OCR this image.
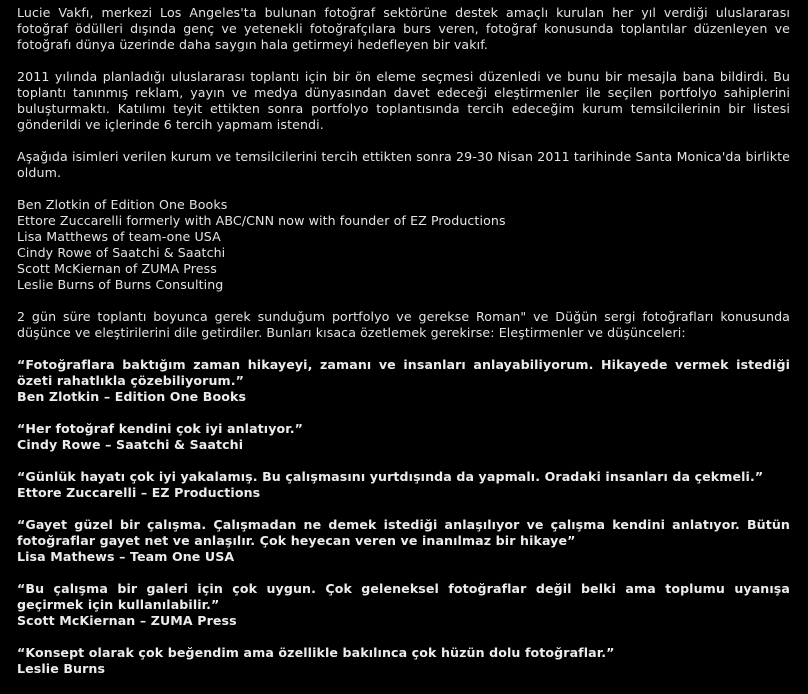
Lucie Vakfı, merkezi Los Angeles'ta bulunan fotoğraf sektörüne destek amaçlı kurulan her yıl verdiği uluslararası fotoğraf ödülleri dışında genç ve yetenekli fotoğrafçılara burs veren, fotoğraf konusunda toplantılar düzenleyen ve fotoğrafı dünya üzerinde daha saygın hala getirmeyi hedefleyen bir vakıf.

2011 yılında planladığı uluslararası toplantı için bir ön eleme seçmesi düzenledi ve bunu bir mesajla bana bildirdi. Bu toplantı tanınmış reklam, yayın ve medya dünyasından davet edeceği eleştirmenler ile seçilen portfolyo sahiplerini buluşturmaktı. Katılımı teyit ettikten sonra portfolyo toplantısında tercih edeceğim kurum temsilcilerinin bir listesi gönderildi ve içlerinde 6 tercih yapmam istendi.

Aşağıda isimleri verilen kurum ve temsilcilerini tercih ettikten sonra 29-30 Nisan 2011 tarihinde Santa Monica'da birlikte oldum.

Ben Zlotkin of Edition One Books
Ettore Zuccarelli formerly with ABC/CNN now with founder of EZ Productions
Lisa Matthews of team-one USA
Cindy Rowe of Saatchi & Saatchi
Scott McKiernan of ZUMA Press
Leslie Burns of Burns Consulting

2 gün süre toplantı boyunca gerek sunduğum portfolyo ve gerekse Roman" ve Düğün sergi fotoğrafları konusunda düşünce ve eleştirilerini dile getirdiler. Bunları kısaca özetlemek gerekirse: Eleştirmenler ve düşünceleri:

“Fotoğraflara baktığım zaman hikayeyi, zamanı ve insanları anlayabiliyorum. Hikayede vermek istediği özeti rahatlıkla çözebiliyorum.”
Ben Zlotkin – Edition One Books
“Her fotoğraf kendini çok iyi anlatıyor.”
Cindy Rowe – Saatchi & Saatchi
“Günlük hayatı çok iyi yakalamış. Bu çalışmasını yurtdışında da yapmalı. Oradaki insanları da çekmeli.”
Ettore Zuccarelli – EZ Productions
“Gayet güzel bir çalışma. Çalışmadan ne demek istediği anlaşılıyor ve çalışma kendini anlatıyor. Bütün fotoğraflar gayet net ve anlaşılır. Çok heyecan veren ve inanılmaz bir hikaye”
Lisa Mathews – Team One USA
“Bu çalışma bir galeri için çok uygun. Çok geleneksel fotoğraflar değil belki ama toplumu uyanışa geçirmek için kullanılabilir.”
Scott McKiernan – ZUMA Press
“Konsept olarak çok beğendim ama özellikle bakılınca çok hüzün dolu fotoğraflar.”
Leslie Burns
